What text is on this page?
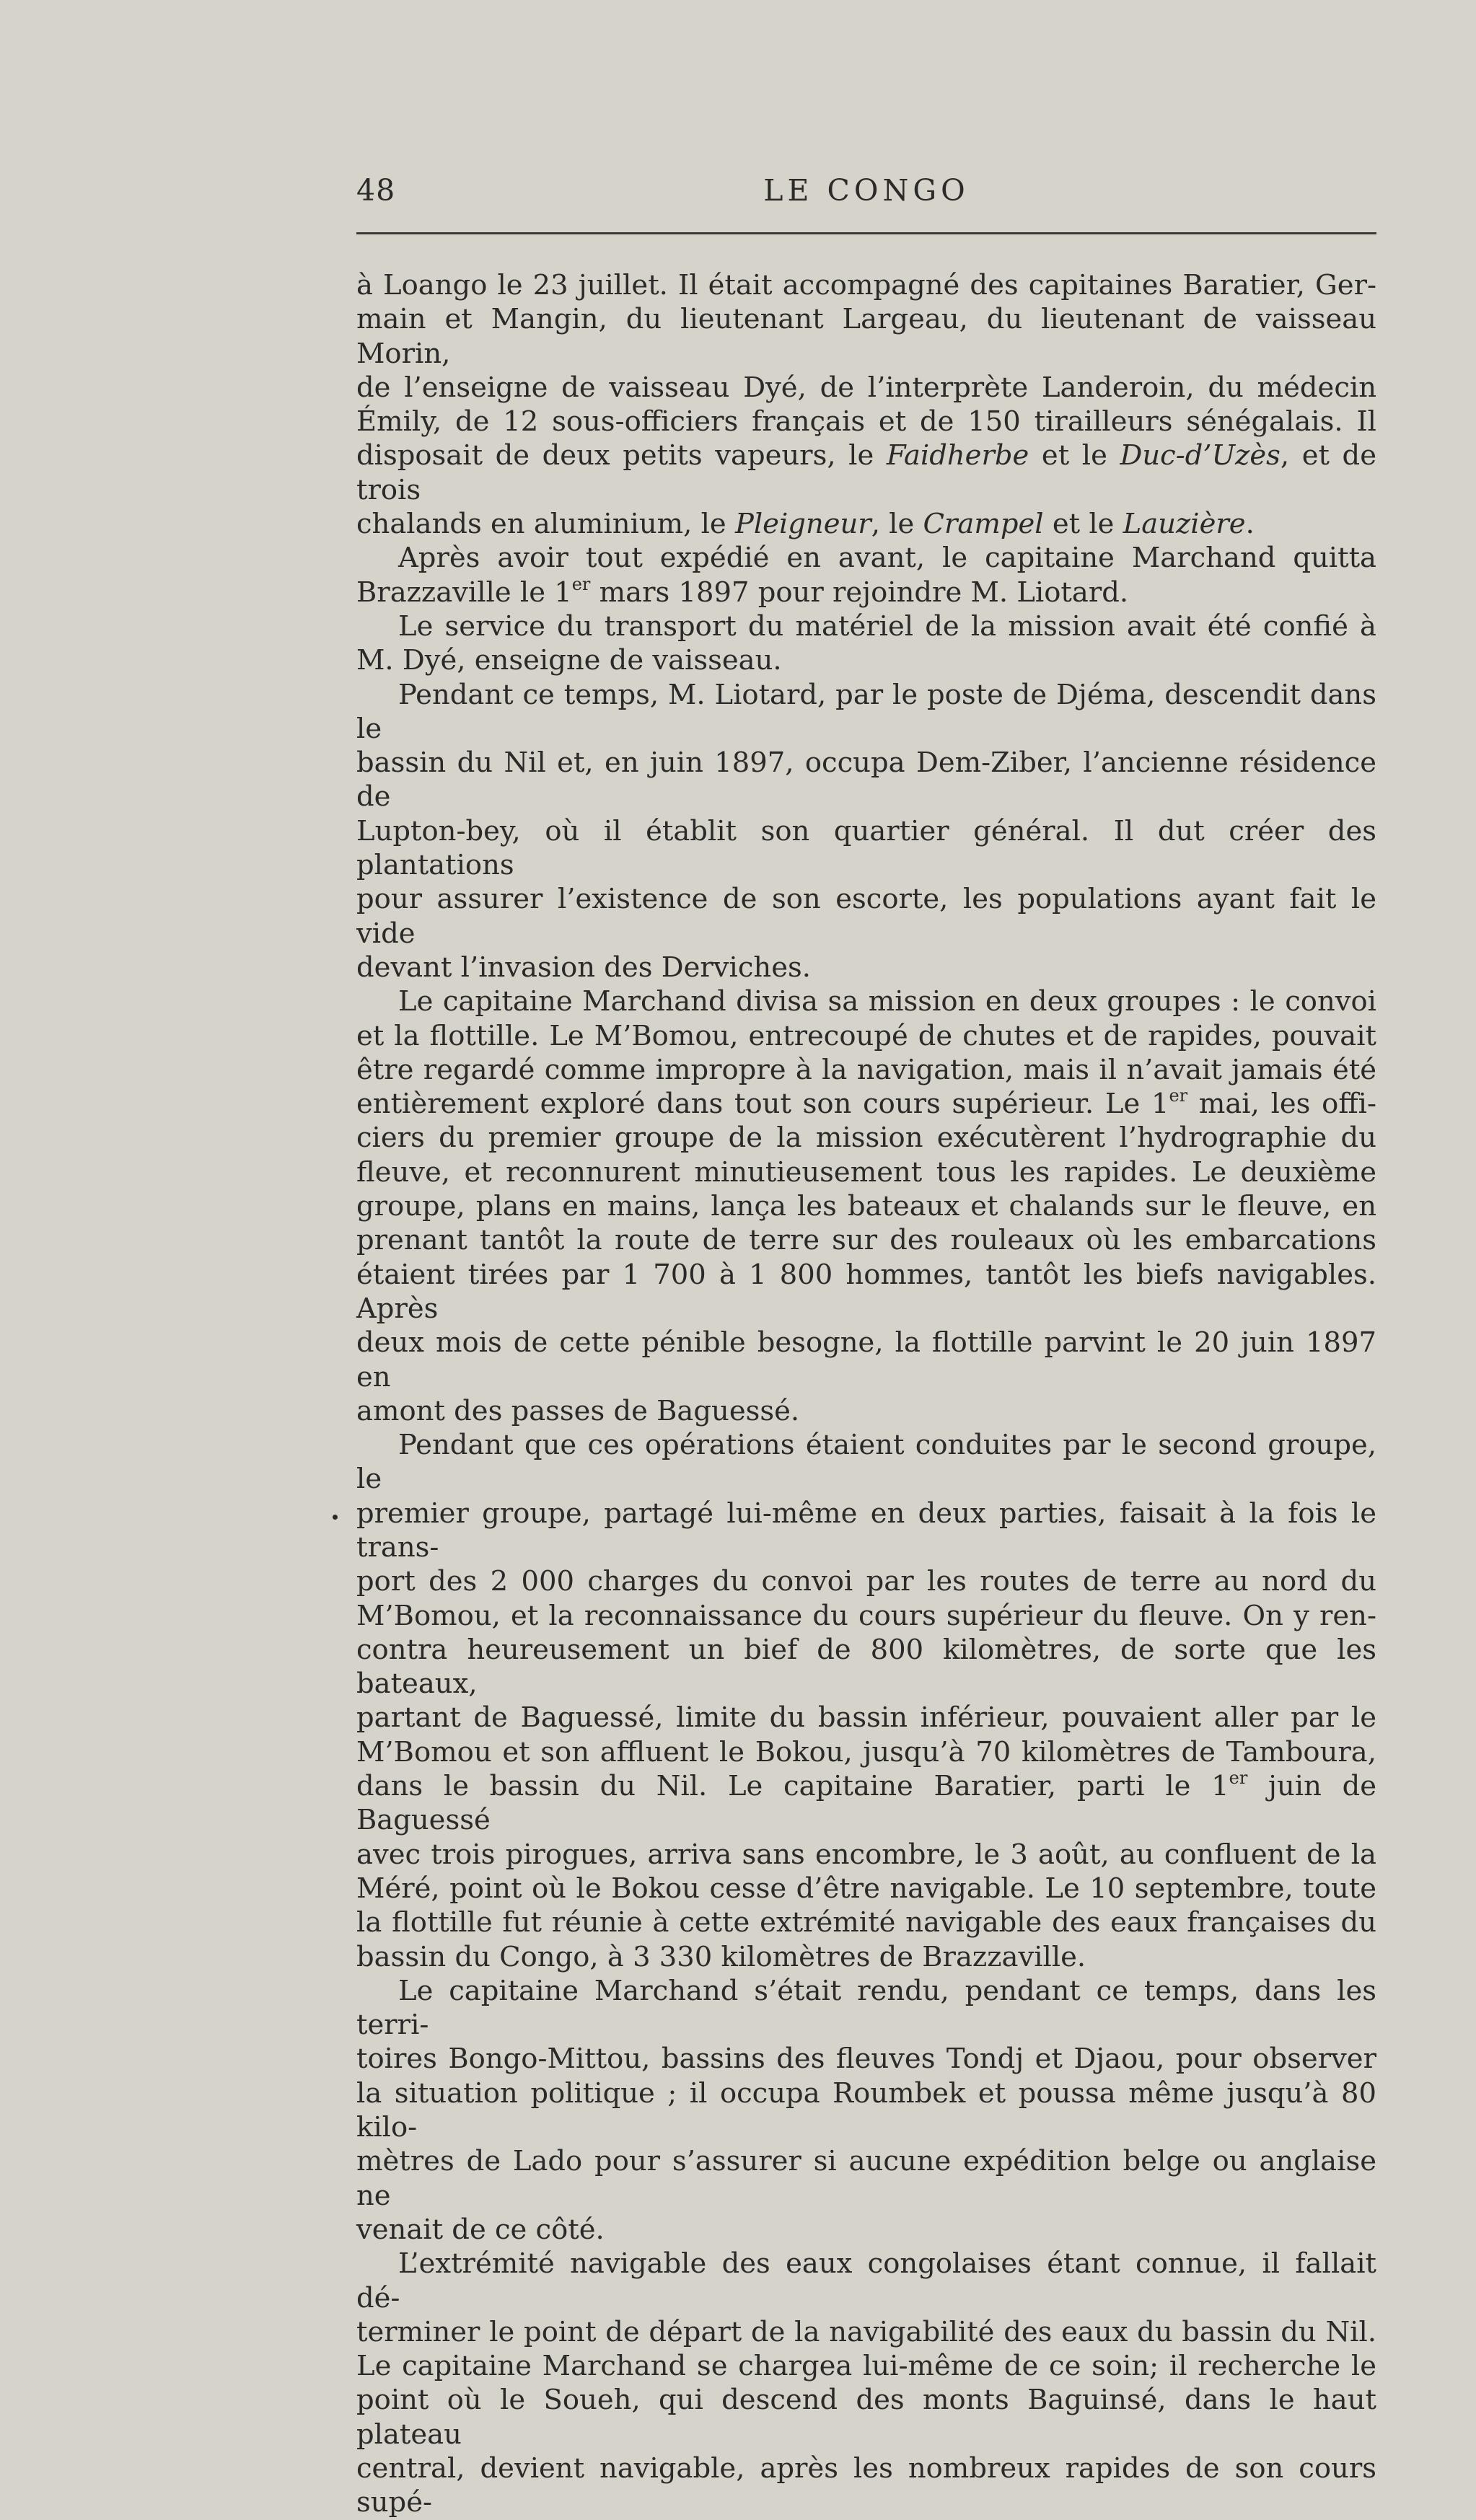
48	LE CONGO

à Loango le 23 juillet. Il était accompagné des capitaines Baratier, Ger-

main et Mangin, du lieutenant Largeau, du lieutenant de vaisseau Morin,

de l’enseigne de vaisseau Dyé, de l’interprète Landeroin, du médecin

Émily, de 12 sous-officiers français et de 150 tirailleurs sénégalais. Il

disposait de deux petits vapeurs, le Faidherbe et le Duc-d’Uzès, et de trois

chalands en aluminium, le Pleigneur, le Crampel et le Lauzière.

Après avoir tout expédié en avant, le capitaine Marchand quitta

Brazzaville le 1er mars 1897 pour rejoindre M. Liotard.

Le service du transport du matériel de la mission avait été confié à

M. Dyé, enseigne de vaisseau.

Pendant ce temps, M. Liotard, par le poste de Djéma, descendit dans le

bassin du Nil et, en juin 1897, occupa Dem-Ziber, l’ancienne résidence de

Lupton-bey, où il établit son quartier général. Il dut créer des plantations

pour assurer l’existence de son escorte, les populations ayant fait le vide

devant l’invasion des Derviches.

Le capitaine Marchand divisa sa mission en deux groupes : le convoi

et la flottille. Le M’Bomou, entrecoupé de chutes et de rapides, pouvait

être regardé comme impropre à la navigation, mais il n’avait jamais été

entièrement exploré dans tout son cours supérieur. Le 1er mai, les offi-

ciers du premier groupe de la mission exécutèrent l’hydrographie du

fleuve, et reconnurent minutieusement tous les rapides. Le deuxième

groupe, plans en mains, lança les bateaux et chalands sur le fleuve, en

prenant tantôt la route de terre sur des rouleaux où les embarcations

étaient tirées par 1 700 à 1 800 hommes, tantôt les biefs navigables. Après

deux mois de cette pénible besogne, la flottille parvint le 20 juin 1897 en

amont des passes de Baguessé.

Pendant que ces opérations étaient conduites par le second groupe, le

premier groupe, partagé lui-même en deux parties, faisait à la fois le trans-

port des 2 000 charges du convoi par les routes de terre au nord du

M’Bomou, et la reconnaissance du cours supérieur du fleuve. On y ren-

contra heureusement un bief de 800 kilomètres, de sorte que les bateaux,

partant de Baguessé, limite du bassin inférieur, pouvaient aller par le

M’Bomou et son affluent le Bokou, jusqu’à 70 kilomètres de Tamboura,

dans le bassin du Nil. Le capitaine Baratier, parti le 1er juin de Baguessé

avec trois pirogues, arriva sans encombre, le 3 août, au confluent de la

Méré, point où le Bokou cesse d’être navigable. Le 10 septembre, toute

la flottille fut réunie à cette extrémité navigable des eaux françaises du

bassin du Congo, à 3 330 kilomètres de Brazzaville.

Le capitaine Marchand s’était rendu, pendant ce temps, dans les terri-

toires Bongo-Mittou, bassins des fleuves Tondj et Djaou, pour observer

la situation politique ; il occupa Roumbek et poussa même jusqu’à 80 kilo-

mètres de Lado pour s’assurer si aucune expédition belge ou anglaise ne

venait de ce côté.

L’extrémité navigable des eaux congolaises étant connue, il fallait dé-

terminer le point de départ de la navigabilité des eaux du bassin du Nil.

Le capitaine Marchand se chargea lui-même de ce soin; il recherche le

point où le Soueh, qui descend des monts Baguinsé, dans le haut plateau

central, devient navigable, après les nombreux rapides de son cours supé-
